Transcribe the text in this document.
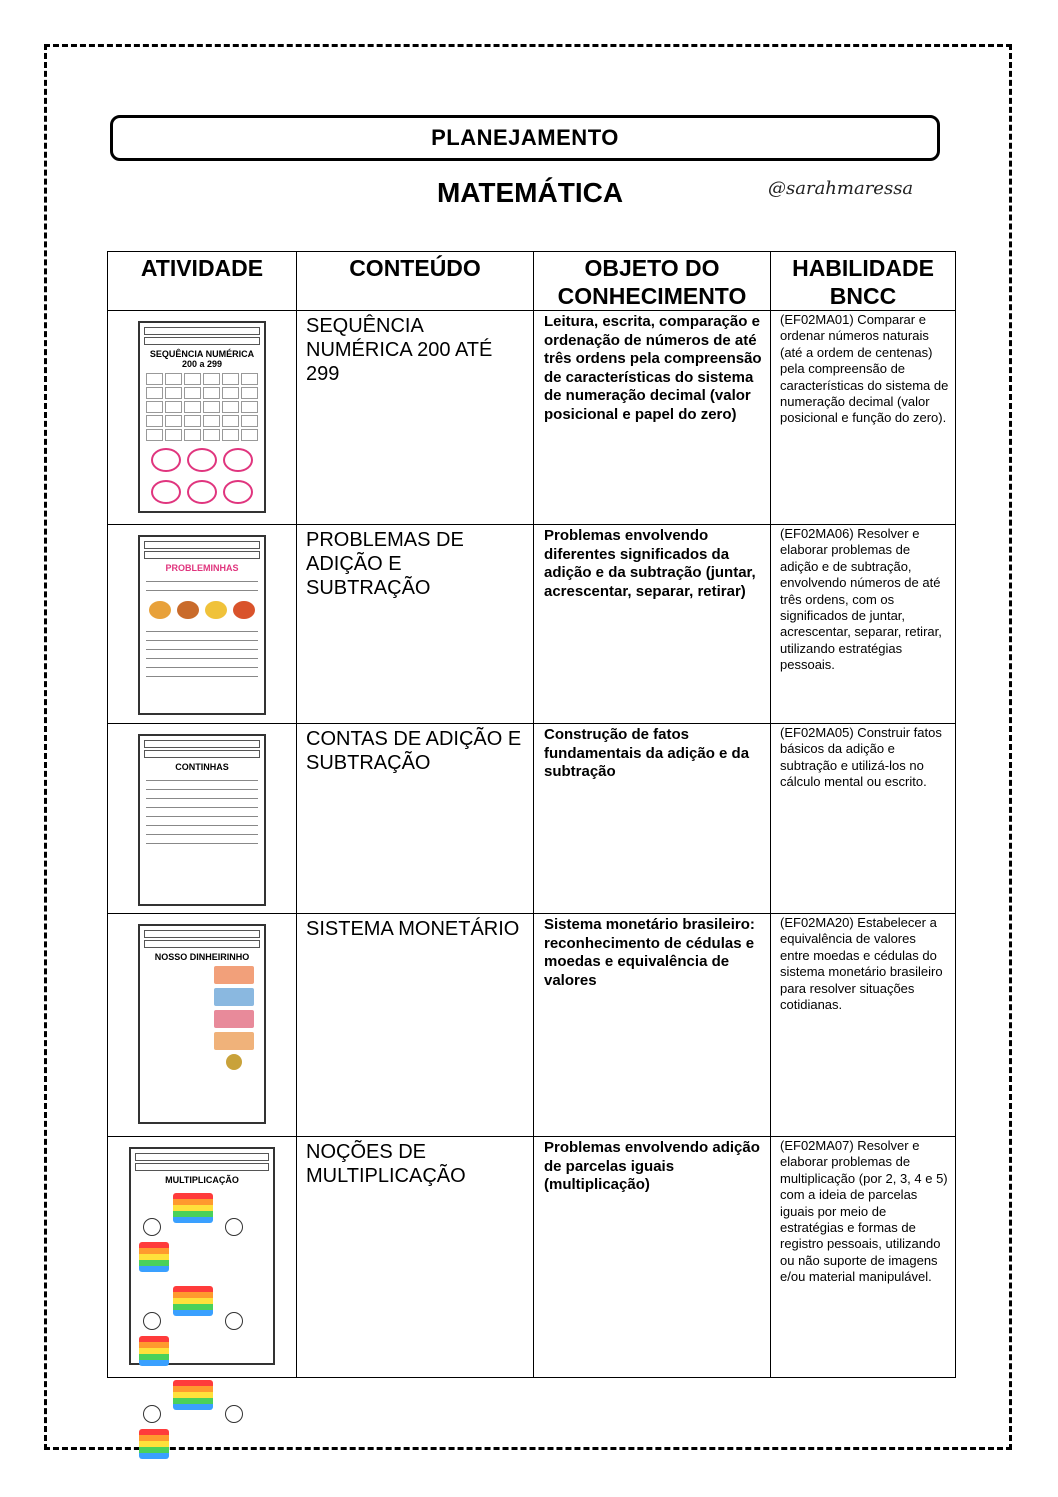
PLANEJAMENTO
MATEMÁTICA	@sarahmaressa
ATIVIDADE	CONTEÚDO	OBJETO DO CONHECIMENTO	HABILIDADE BNCC

SEQUÊNCIA NUMÉRICA 200 a 299	SEQUÊNCIA NUMÉRICA 200 ATÉ 299	Leitura, escrita, comparação e ordenação de números de até três ordens pela compreensão de características do sistema de numeração decimal (valor posicional e papel do zero)	(EF02MA01) Comparar e ordenar números naturais (até a ordem de centenas) pela compreensão de características do sistema de numeração decimal (valor posicional e função do zero).

PROBLEMINHAS	PROBLEMAS DE ADIÇÃO E SUBTRAÇÃO	Problemas envolvendo diferentes significados da adição e da subtração (juntar, acrescentar, separar, retirar)	(EF02MA06) Resolver e elaborar problemas de adição e de subtração, envolvendo números de até três ordens, com os significados de juntar, acrescentar, separar, retirar, utilizando estratégias pessoais.

CONTINHAS	CONTAS DE ADIÇÃO E SUBTRAÇÃO	Construção de fatos fundamentais da adição e da subtração	(EF02MA05) Construir fatos básicos da adição e subtração e utilizá-los no cálculo mental ou escrito.

NOSSO DINHEIRINHO	SISTEMA MONETÁRIO	Sistema monetário brasileiro: reconhecimento de cédulas e moedas e equivalência de valores	(EF02MA20) Estabelecer a equivalência de valores entre moedas e cédulas do sistema monetário brasileiro para resolver situações cotidianas.

MULTIPLICAÇÃO	NOÇÕES DE MULTIPLICAÇÃO	Problemas envolvendo adição de parcelas iguais (multiplicação)	(EF02MA07) Resolver e elaborar problemas de multiplicação (por 2, 3, 4 e 5) com a ideia de parcelas iguais por meio de estratégias e formas de registro pessoais, utilizando ou não suporte de imagens e/ou material manipulável.
